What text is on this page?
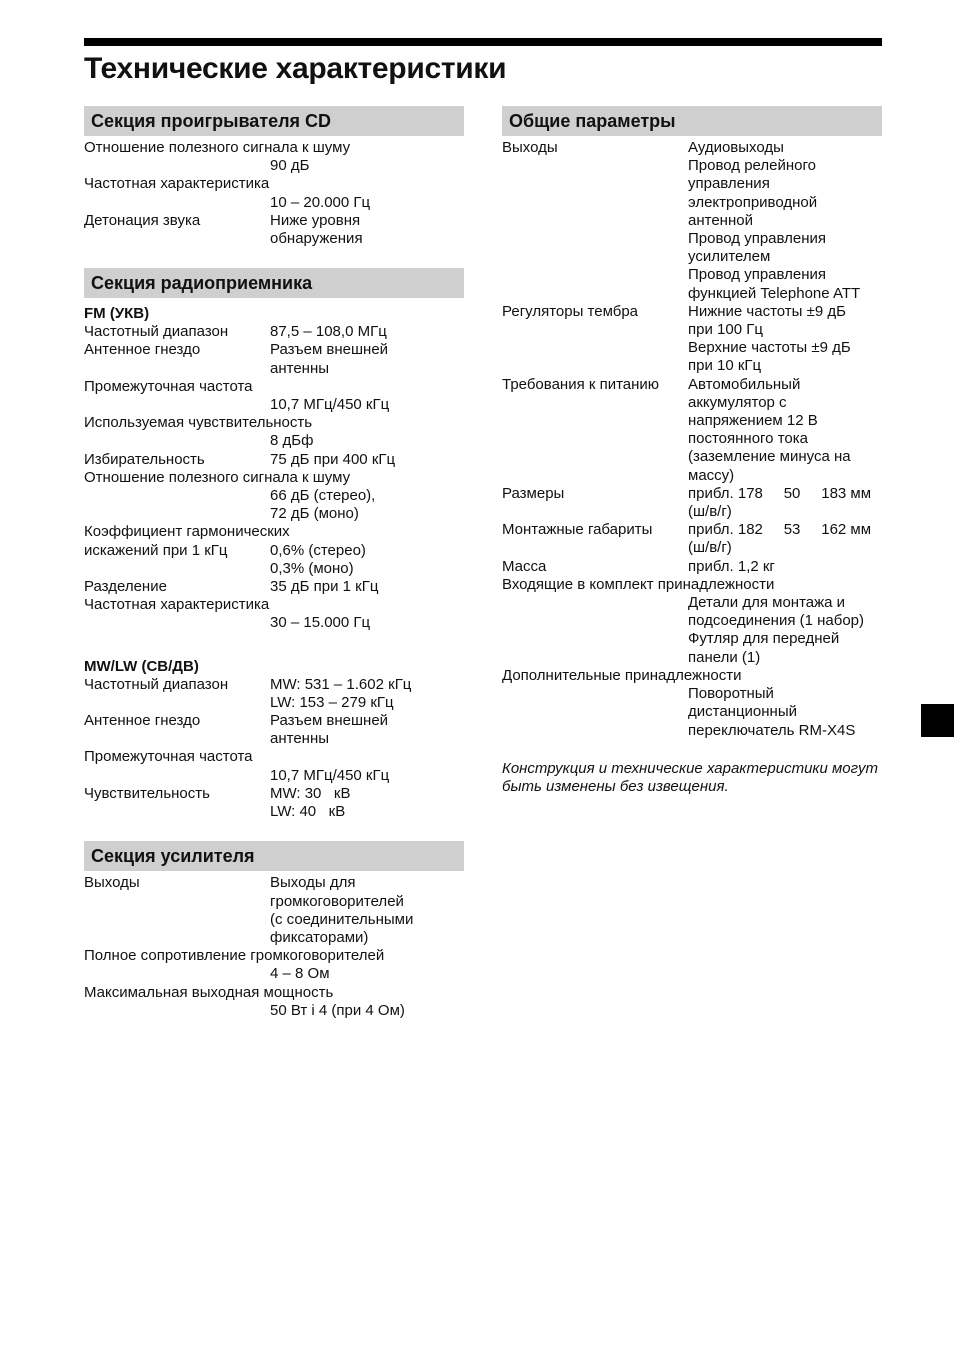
Технические характеристики
Секция проигрывателя CD
Отношение полезного сигнала к шуму
90 дБ
Частотная характеристика
10 – 20.000 Гц
Детонация звука	Ниже уровня
обнаружения
Секция радиоприемника
FM (УКВ)
Частотный диапазон	87,5 – 108,0 МГц
Антенное гнездо	Разъем внешней
антенны
Промежуточная частота
10,7 МГц/450 кГц
Используемая чувствительность
8 дБф
Избирательность	75 дБ при 400 кГц
Отношение полезного сигнала к шуму
66 дБ (стерео),
72 дБ (моно)
Коэффициент гармонических
искажений при 1 кГц	0,6% (стерео)
0,3% (моно)
Разделение	35 дБ при 1 кГц
Частотная характеристика
30 – 15.000 Гц
MW/LW (СВ/ДВ)
Частотный диапазон	MW: 531 – 1.602 кГц
LW: 153 – 279 кГц
Антенное гнездо	Разъем внешней
антенны
Промежуточная частота
10,7 МГц/450 кГц
Чувствительность	MW: 30   кВ
LW: 40   кВ
Секция усилителя
Выходы	Выходы для
громкоговорителей
(с соединительными
фиксаторами)
Полное сопротивление громкоговорителей
4 – 8 Ом
Максимальная выходная мощность
50 Вт і 4 (при 4 Ом)
Общие параметры
Выходы	Аудиовыходы
Провод релейного
управления
электроприводной
антенной
Провод управления
усилителем
Провод управления
функцией Telephone ATT
Регуляторы тембра	Нижние частоты ±9 дБ
при 100 Гц
Верхние частоты ±9 дБ
при 10 кГц
Требования к питанию	Автомобильный
аккумулятор с
напряжением 12 В
постоянного тока
(заземление минуса на
массу)
Размеры	прибл. 178     50     183 мм
(ш/в/г)
Монтажные габариты	прибл. 182     53     162 мм
(ш/в/г)
Масса	прибл. 1,2 кг
Входящие в комплект принадлежности
Детали для монтажа и
подсоединения (1 набор)
Футляр для передней
панели (1)
Дополнительные принадлежности
Поворотный
дистанционный
переключатель RM-X4S
Конструкция и технические характеристики могут быть изменены без извещения.
